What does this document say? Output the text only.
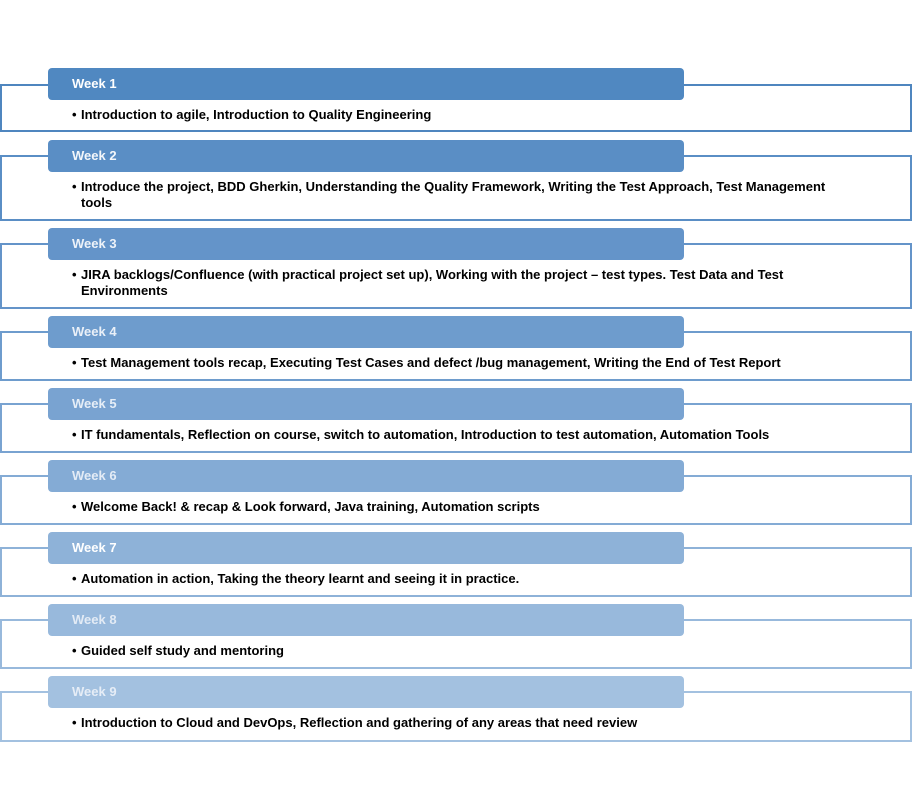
Week 1
• Introduction to agile, Introduction to Quality Engineering
Week 2
• Introduce the project, BDD Gherkin, Understanding the Quality Framework, Writing the Test Approach, Test Management tools
Week 3
• JIRA backlogs/Confluence (with practical project set up), Working with the project – test types. Test Data and Test Environments
Week 4
• Test Management tools recap, Executing Test Cases and defect /bug management, Writing the End of Test Report
Week 5
• IT fundamentals, Reflection on course, switch to automation, Introduction to test automation, Automation Tools
Week 6
• Welcome Back! & recap & Look forward, Java training, Automation scripts
Week 7
• Automation in action, Taking the theory learnt and seeing it in practice.
Week 8
• Guided self study and mentoring
Week 9
• Introduction to Cloud and DevOps, Reflection and gathering of any areas that need review
